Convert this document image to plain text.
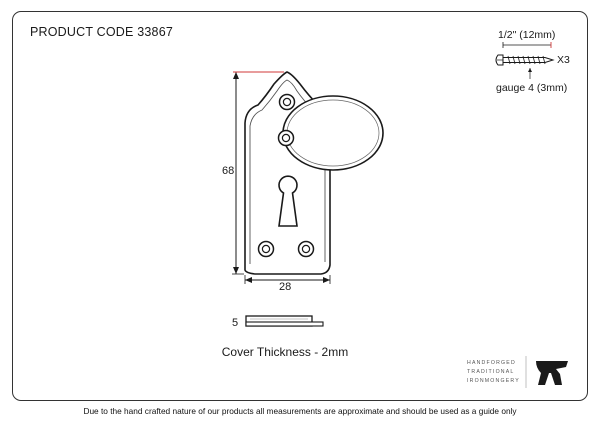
PRODUCT CODE 33867
68
28
5
Cover Thickness - 2mm
1/2" (12mm)
X3
gauge 4 (3mm)
HANDFORGED
TRADITIONAL
IRONMONGERY
Due to the hand crafted nature of our products all measurements are approximate and should be used as a guide only
